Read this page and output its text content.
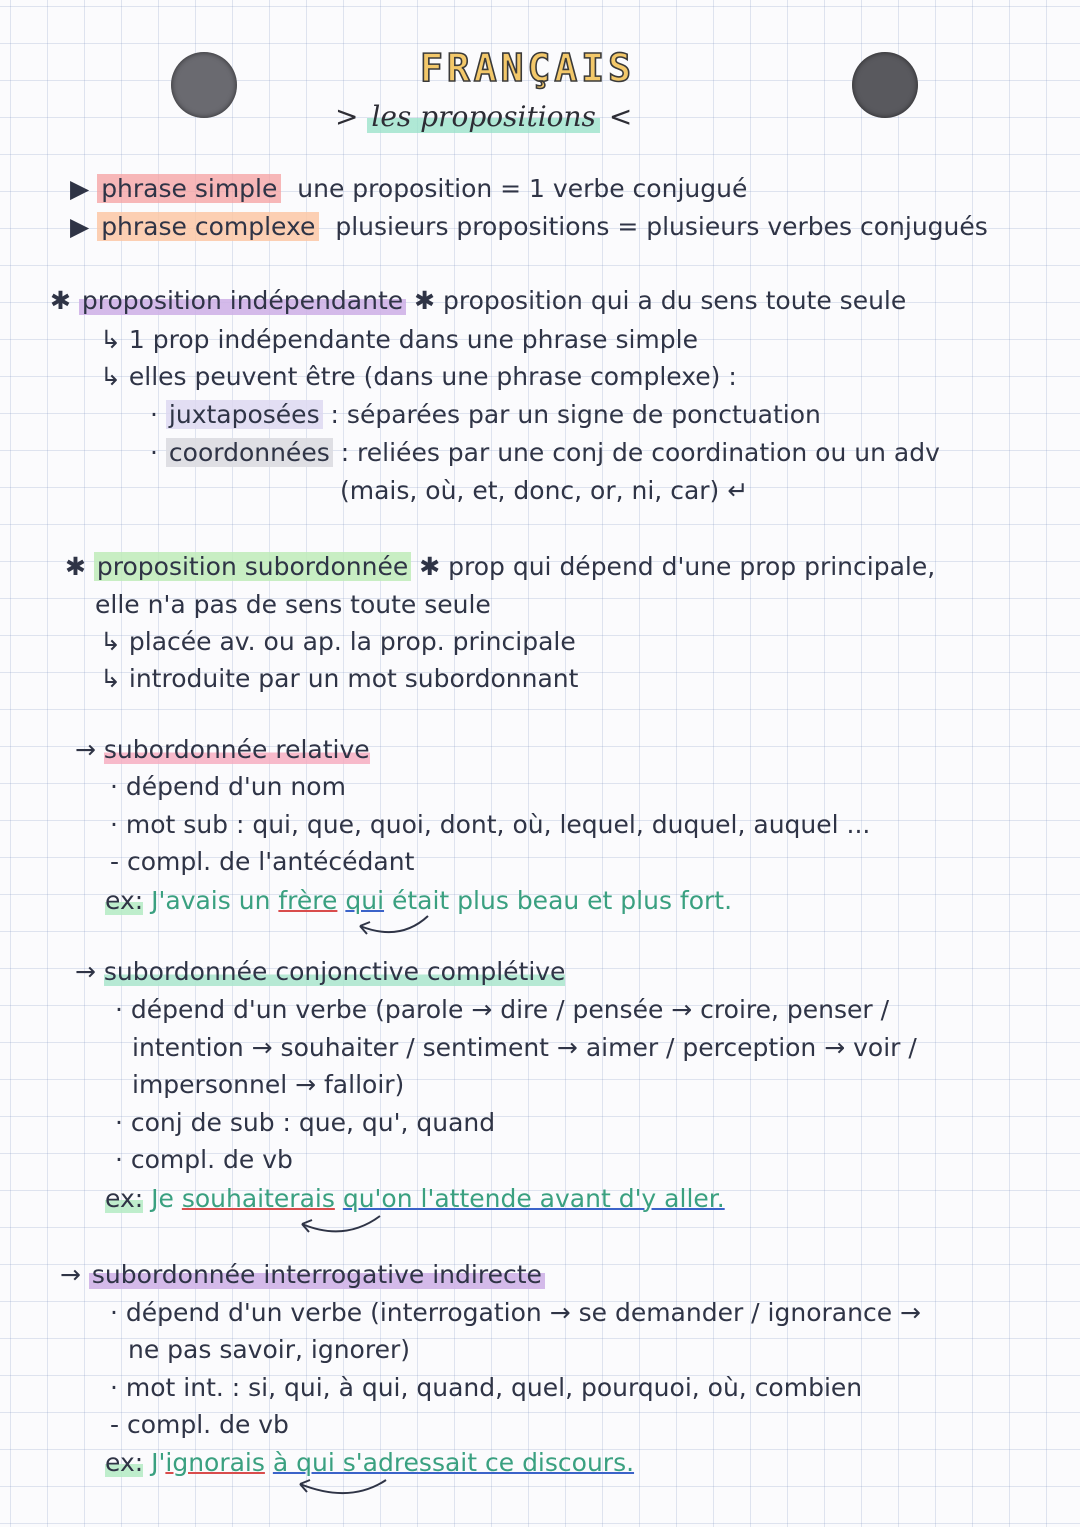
FRANÇAIS
> les propositions <
▶ phrase simple une proposition = 1 verbe conjugué
▶ phrase complexe plusieurs propositions = plusieurs verbes conjugués
✱ proposition indépendante ✱ proposition qui a du sens toute seule
↳ 1 prop indépendante dans une phrase simple
↳ elles peuvent être (dans une phrase complexe) :
· juxtaposées : séparées par un signe de ponctuation
· coordonnées : reliées par une conj de coordination ou un adv
(mais, où, et, donc, or, ni, car) ↵
✱ proposition subordonnée ✱ prop qui dépend d'une prop principale,
elle n'a pas de sens toute seule
↳ placée av. ou ap. la prop. principale
↳ introduite par un mot subordonnant
→ subordonnée relative
· dépend d'un nom
· mot sub : qui, que, quoi, dont, où, lequel, duquel, auquel ...
- compl. de l'antécédant
ex: J'avais un frère qui était plus beau et plus fort.
→ subordonnée conjonctive complétive
· dépend d'un verbe (parole → dire / pensée → croire, penser /
intention → souhaiter / sentiment → aimer / perception → voir /
impersonnel → falloir)
· conj de sub : que, qu', quand
· compl. de vb
ex: Je souhaiterais qu'on l'attende avant d'y aller.
→ subordonnée interrogative indirecte
· dépend d'un verbe (interrogation → se demander / ignorance →
ne pas savoir, ignorer)
· mot int. : si, qui, à qui, quand, quel, pourquoi, où, combien
- compl. de vb
ex: J'ignorais à qui s'adressait ce discours.
